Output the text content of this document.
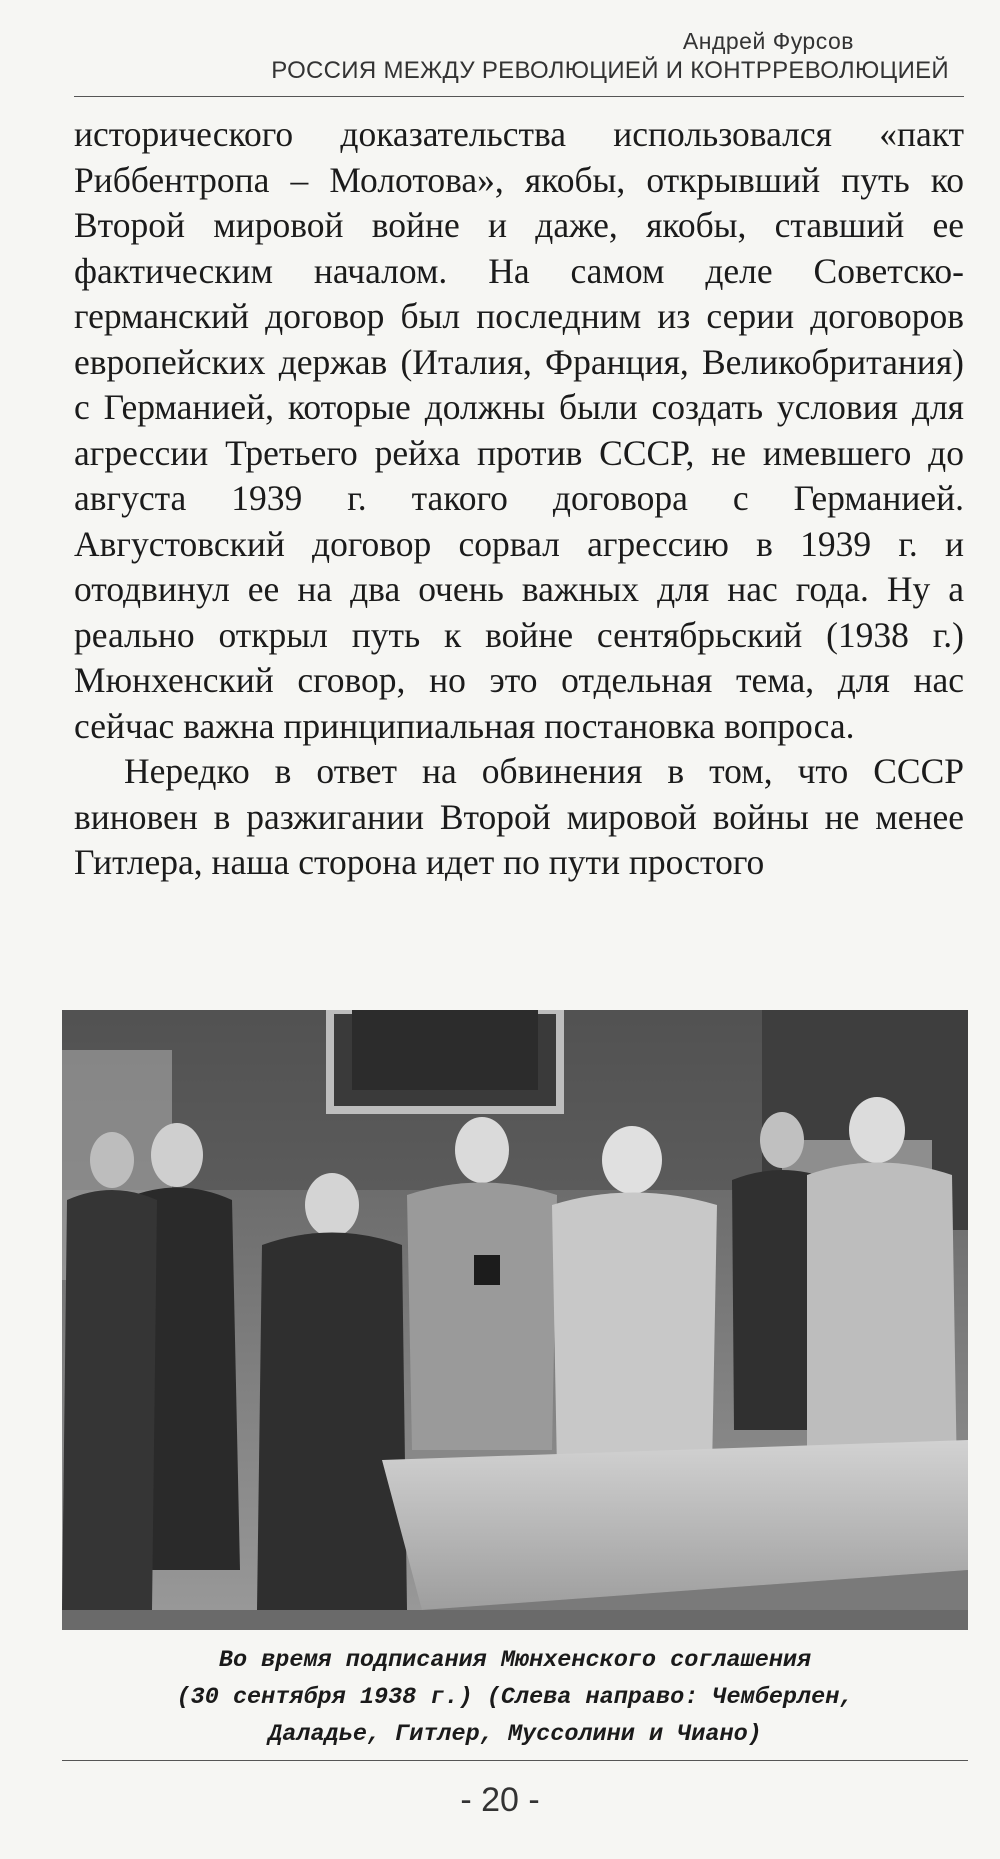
Андрей Фурсов
РОССИЯ МЕЖДУ РЕВОЛЮЦИЕЙ И КОНТРРЕВОЛЮЦИЕЙ

исторического доказательства использовался «пакт Риббентропа – Молотова», якобы, открывший путь ко Второй мировой войне и даже, якобы, ставший ее фактическим началом. На самом деле Советско-германский договор был последним из серии договоров европейских держав (Италия, Франция, Великобритания) с Германией, которые должны были создать условия для агрессии Третьего рейха против СССР, не имевшего до августа 1939 г. такого договора с Германией. Августовский договор сорвал агрессию в 1939 г. и отодвинул ее на два очень важных для нас года. Ну а реально открыл путь к войне сентябрьский (1938 г.) Мюнхенский сговор, но это отдельная тема, для нас сейчас важна принципиальная постановка вопроса.

Нередко в ответ на обвинения в том, что СССР виновен в разжигании Второй мировой войны не менее Гитлера, наша сторона идет по пути простого

Во время подписания Мюнхенского соглашения
(30 сентября 1938 г.) (Слева направо: Чемберлен,
Даладье, Гитлер, Муссолини и Чиано)
- 20 -
